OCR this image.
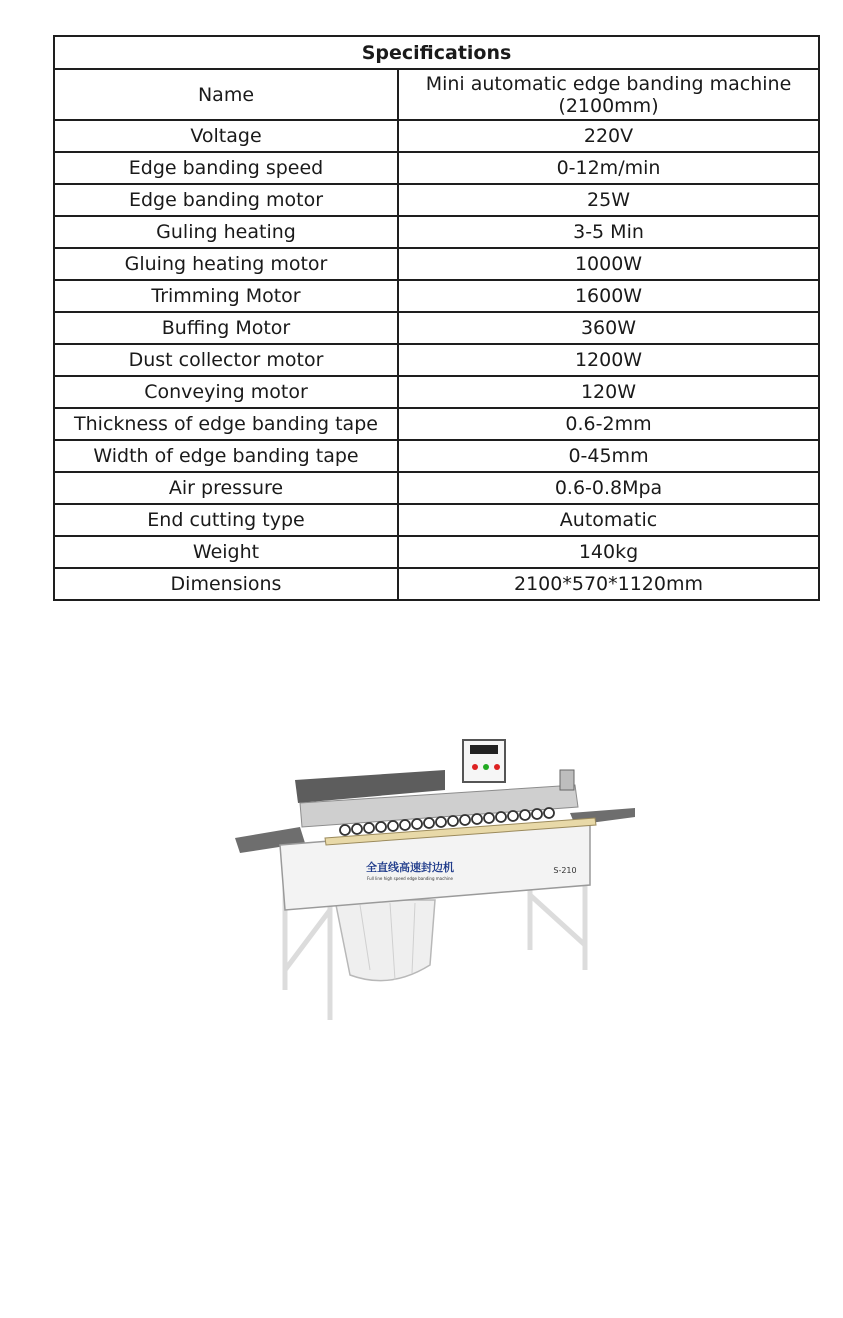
Specifications	
Name	Mini automatic edge banding machine
(2100mm)

Voltage	220V
Edge banding speed	0-12m/min
Edge banding motor	25W
Guling heating	3-5 Min
Gluing heating motor	1000W
Trimming Motor	1600W
Buffing Motor	360W
Dust collector motor	1200W
Conveying motor	120W
Thickness of edge banding tape	0.6-2mm
Width of edge banding tape	0-45mm
Air pressure	0.6-0.8Mpa
End cutting type	Automatic
Weight	140kg
Dimensions	2100*570*1120mm
全直线高速封边机
Full line high speed edge banding machine
S-210
